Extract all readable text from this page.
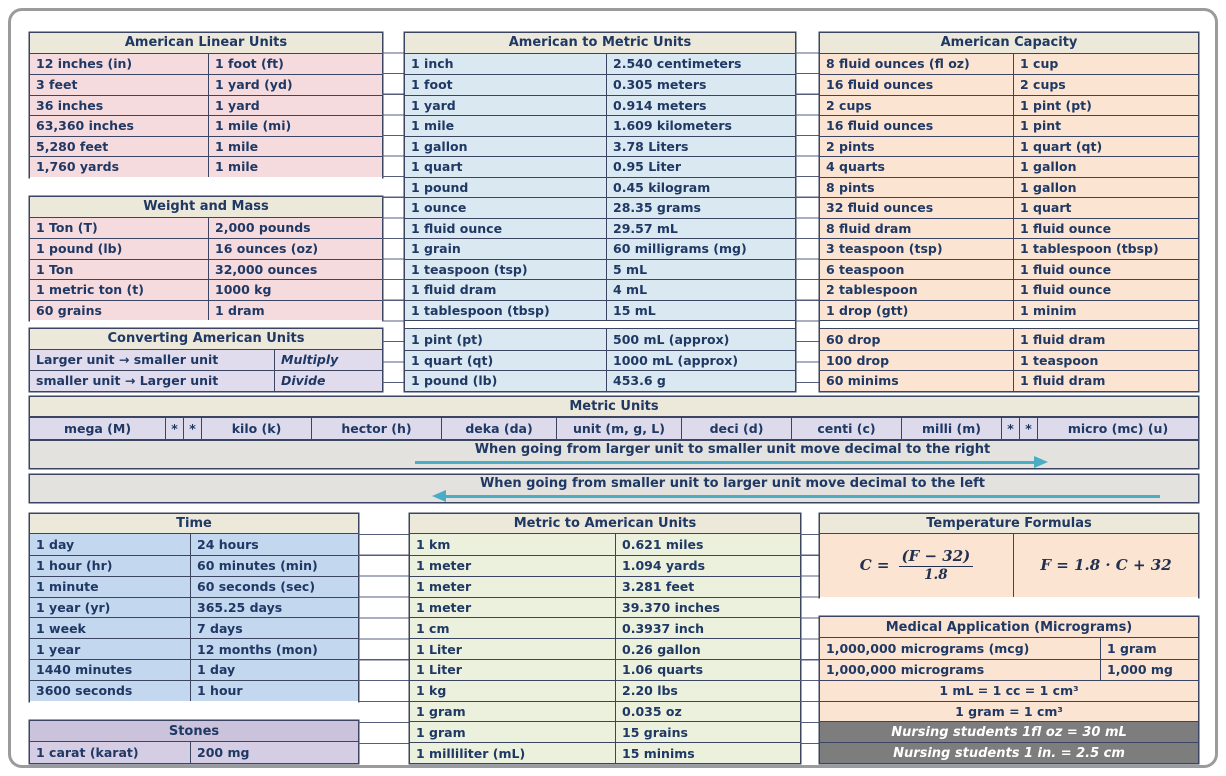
American Linear Units
12 inches (in)	1 foot (ft)
3 feet	1 yard (yd)
36 inches	1 yard
63,360 inches	1 mile (mi)
5,280 feet	1 mile
1,760 yards	1 mile
Weight and Mass
1 Ton (T)	2,000 pounds
1 pound (lb)	16 ounces (oz)
1 Ton	32,000 ounces
1 metric ton (t)	1000 kg
60 grains	1 dram
Converting American Units
Larger unit → smaller unit	Multiply
smaller unit → Larger unit	Divide
American to Metric Units
1 inch	2.540 centimeters
1 foot	0.305 meters
1 yard	0.914 meters
1 mile	1.609 kilometers
1 gallon	3.78 Liters
1 quart	0.95 Liter
1 pound	0.45 kilogram
1 ounce	28.35 grams
1 fluid ounce	29.57 mL
1 grain	60 milligrams (mg)
1 teaspoon (tsp)	5 mL
1 fluid dram	4 mL
1 tablespoon (tbsp)	15 mL
1 pint (pt)	500 mL (approx)
1 quart (qt)	1000 mL (approx)
1 pound (lb)	453.6 g
American Capacity
8 fluid ounces (fl oz)	1 cup
16 fluid ounces	2 cups
2 cups	1 pint (pt)
16 fluid ounces	1 pint
2 pints	1 quart (qt)
4 quarts	1 gallon
8 pints	1 gallon
32 fluid ounces	1 quart
8 fluid dram	1 fluid ounce
3 teaspoon (tsp)	1 tablespoon (tbsp)
6 teaspoon	1 fluid ounce
2 tablespoon	1 fluid ounce
1 drop (gtt)	1 minim
60 drop	1 fluid dram
100 drop	1 teaspoon
60 minims	1 fluid dram
Metric Units
mega (M)	* *	kilo (k)	hector (h)	deka (da)	unit (m, g, L)	deci (d)	centi (c)	milli (m)	* *	micro (mc) (u)
When going from larger unit to smaller unit move decimal to the right
When going from smaller unit to larger unit move decimal to the left
Time
1 day	24 hours
1 hour (hr)	60 minutes (min)
1 minute	60 seconds (sec)
1 year (yr)	365.25 days
1 week	7 days
1 year	12 months (mon)
1440 minutes	1 day
3600 seconds	1 hour
Stones
1 carat (karat)	200 mg
Metric to American Units
1 km	0.621 miles
1 meter	1.094 yards
1 meter	3.281 feet
1 meter	39.370 inches
1 cm	0.3937 inch
1 Liter	0.26 gallon
1 Liter	1.06 quarts
1 kg	2.20 lbs
1 gram	0.035 oz
1 gram	15 grains
1 milliliter (mL)	15 minims
Temperature Formulas
$C = \frac{(F - 32)}{1.8}$	F = 1.8 · C + 32
Medical Application (Micrograms)
1,000,000 micrograms (mcg)	1 gram
1,000,000 micrograms	1,000 mg
1 mL = 1 cc = 1 cm³
1 gram = 1 cm³
Nursing students 1fl oz = 30 mL
Nursing students 1 in. = 2.5 cm
